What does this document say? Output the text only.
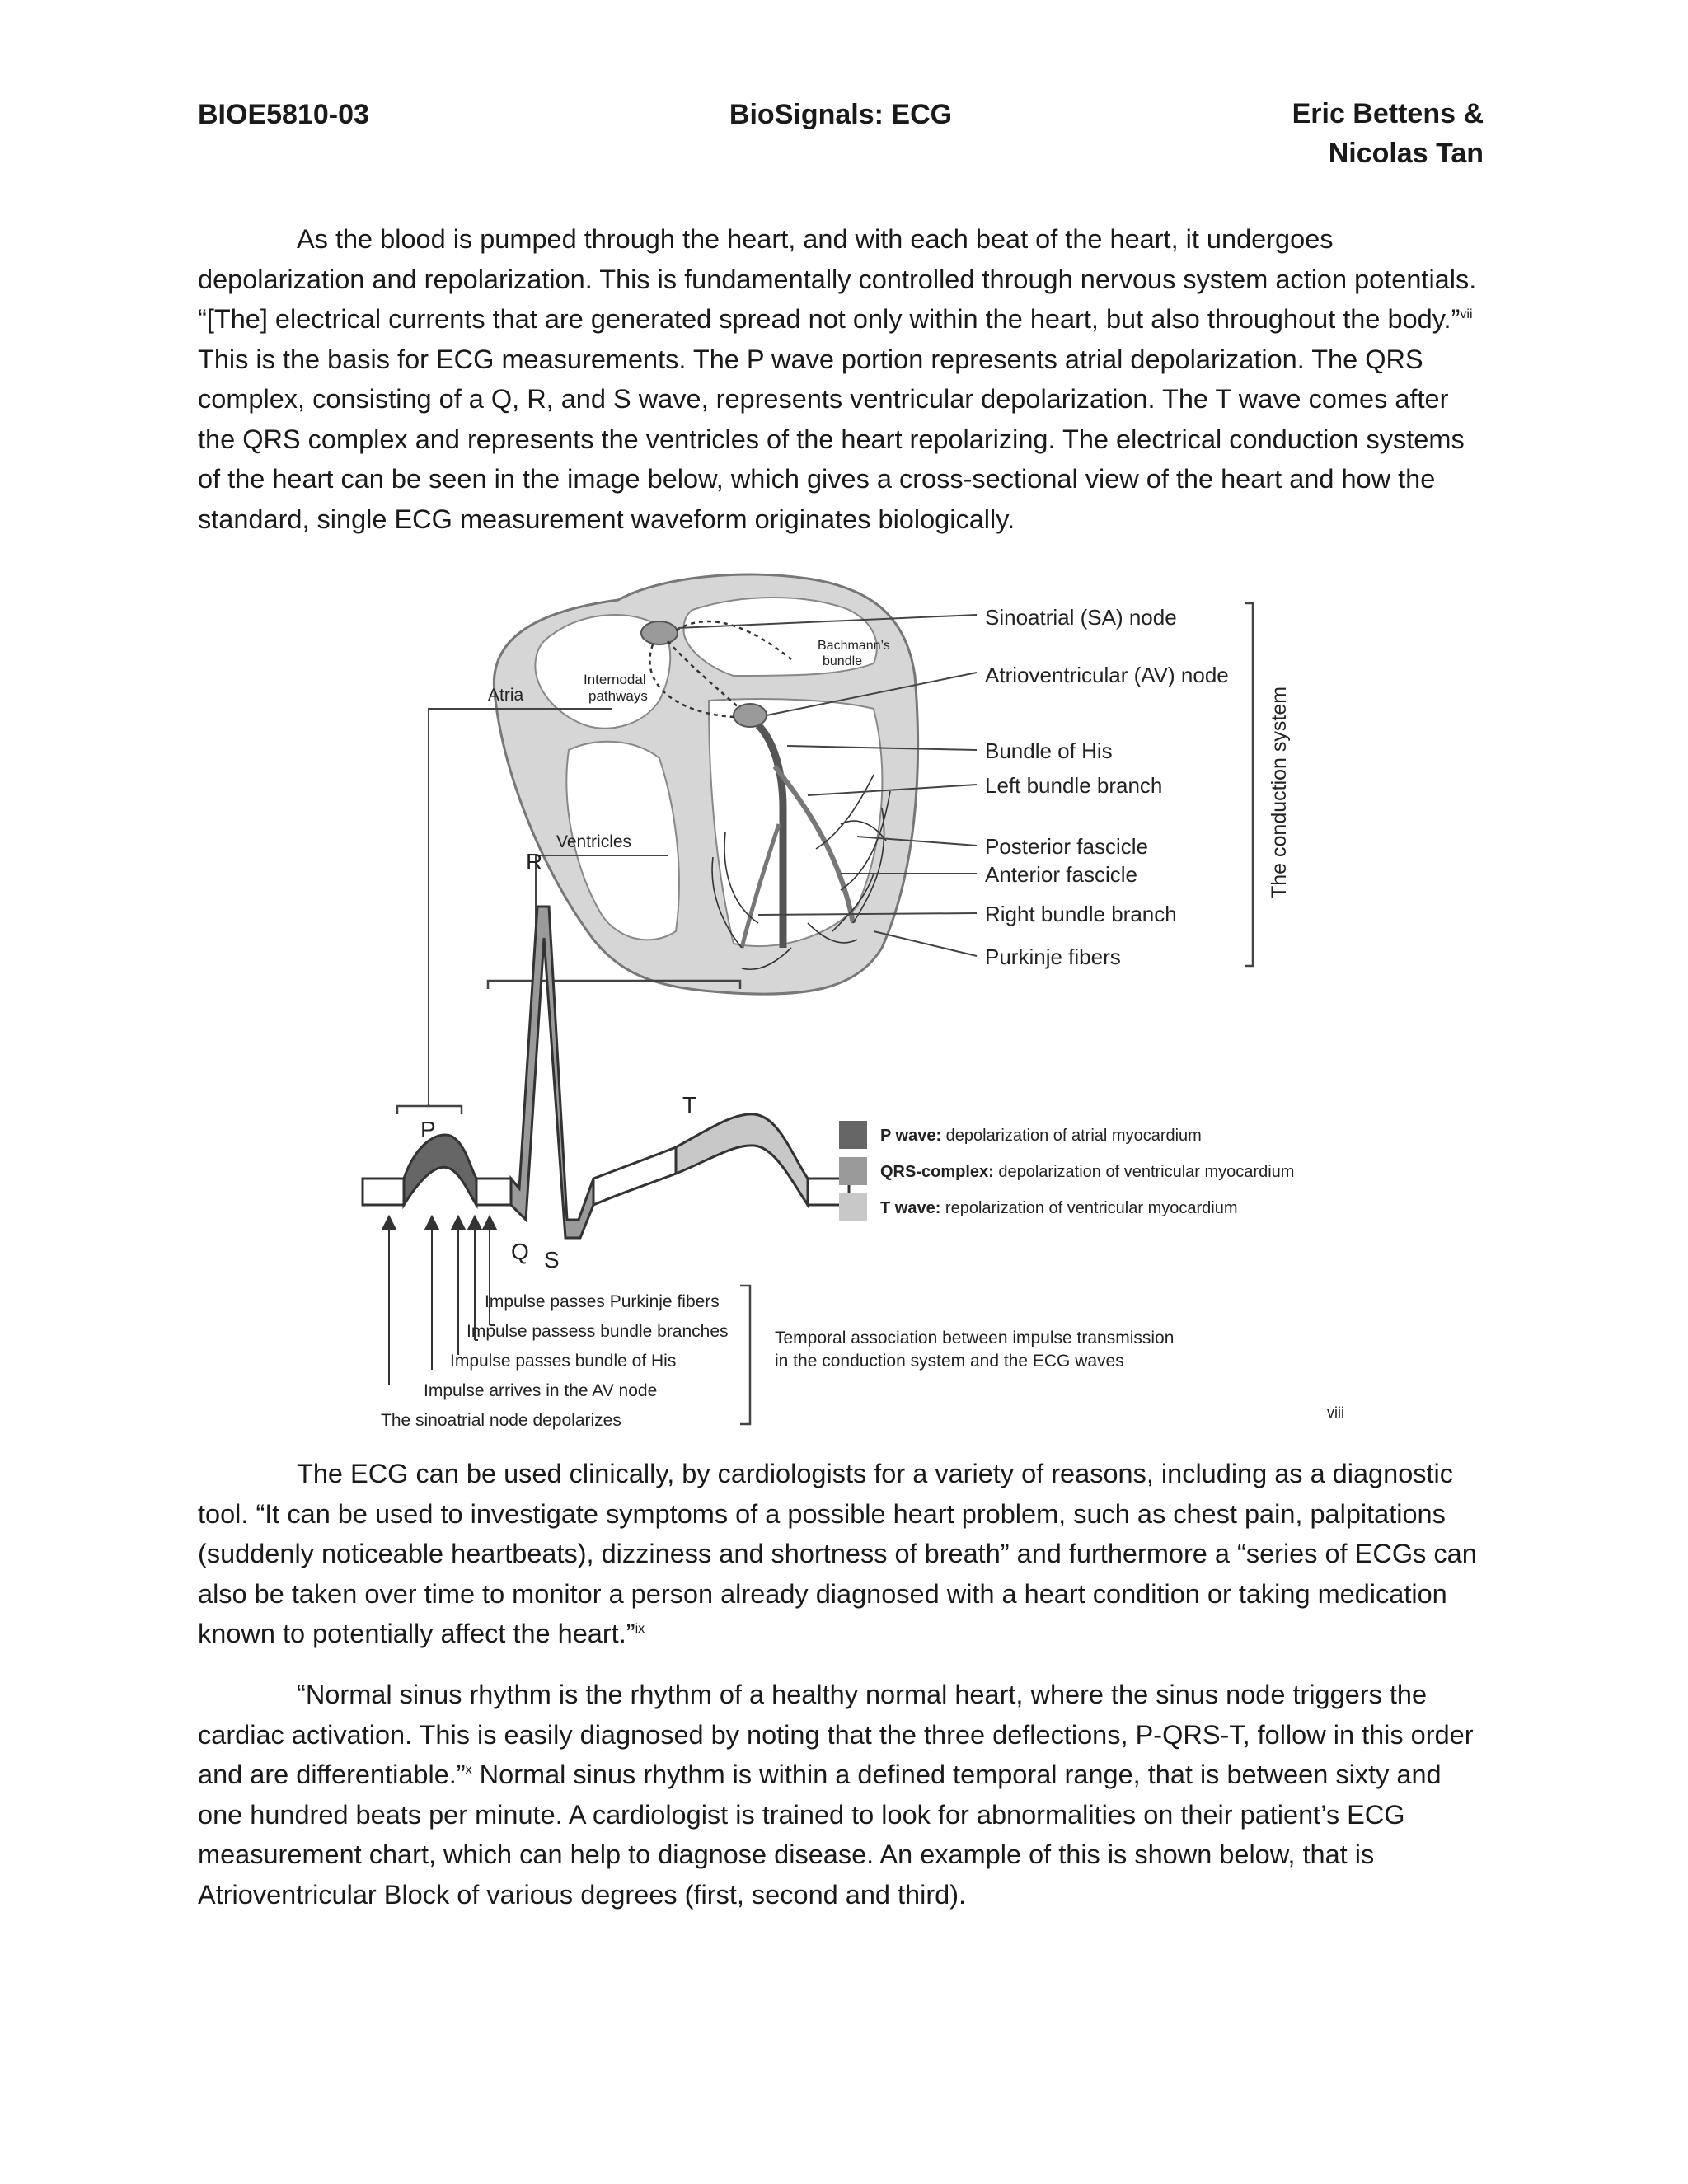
BIOE5810-03	BioSignals: ECG	Eric Bettens &
Nicolas Tan

As the blood is pumped through the heart, and with each beat of the heart, it undergoes depolarization and repolarization. This is fundamentally controlled through nervous system action potentials. “[The] electrical currents that are generated spread not only within the heart, but also throughout the body.”$^{vii}$ This is the basis for ECG measurements. The P wave portion represents atrial depolarization. The QRS complex, consisting of a Q, R, and S wave, represents ventricular depolarization. The T wave comes after the QRS complex and represents the ventricles of the heart repolarizing. The electrical conduction systems of the heart can be seen in the image below, which gives a cross-sectional view of the heart and how the standard, single ECG measurement waveform originates biologically.

Sinoatrial (SA) node
Atrioventricular (AV) node
Bundle of His
Left bundle branch
Posterior fascicle
Anterior fascicle
Right bundle branch
Purkinje fibers
The conduction system
Internodal
pathways
Bachmann’s
bundle
Atria
Ventricles
R
P
T
Q S
Impulse passes Purkinje fibers
Impulse passess bundle branches
Impulse passes bundle of His
Impulse arrives in the AV node
The sinoatrial node depolarizes
Temporal association between impulse transmission
in the conduction system and the ECG waves
P wave: depolarization of atrial myocardium
QRS-complex: depolarization of ventricular myocardium
T wave: repolarization of ventricular myocardium
viii

The ECG can be used clinically, by cardiologists for a variety of reasons, including as a diagnostic tool. “It can be used to investigate symptoms of a possible heart problem, such as chest pain, palpitations (suddenly noticeable heartbeats), dizziness and shortness of breath” and furthermore a “series of ECGs can also be taken over time to monitor a person already diagnosed with a heart condition or taking medication known to potentially affect the heart.”$^{ix}$

“Normal sinus rhythm is the rhythm of a healthy normal heart, where the sinus node triggers the cardiac activation. This is easily diagnosed by noting that the three deflections, P-QRS-T, follow in this order and are differentiable.”$^x$ Normal sinus rhythm is within a defined temporal range, that is between sixty and one hundred beats per minute. A cardiologist is trained to look for abnormalities on their patient’s ECG measurement chart, which can help to diagnose disease. An example of this is shown below, that is Atrioventricular Block of various degrees (first, second and third).
